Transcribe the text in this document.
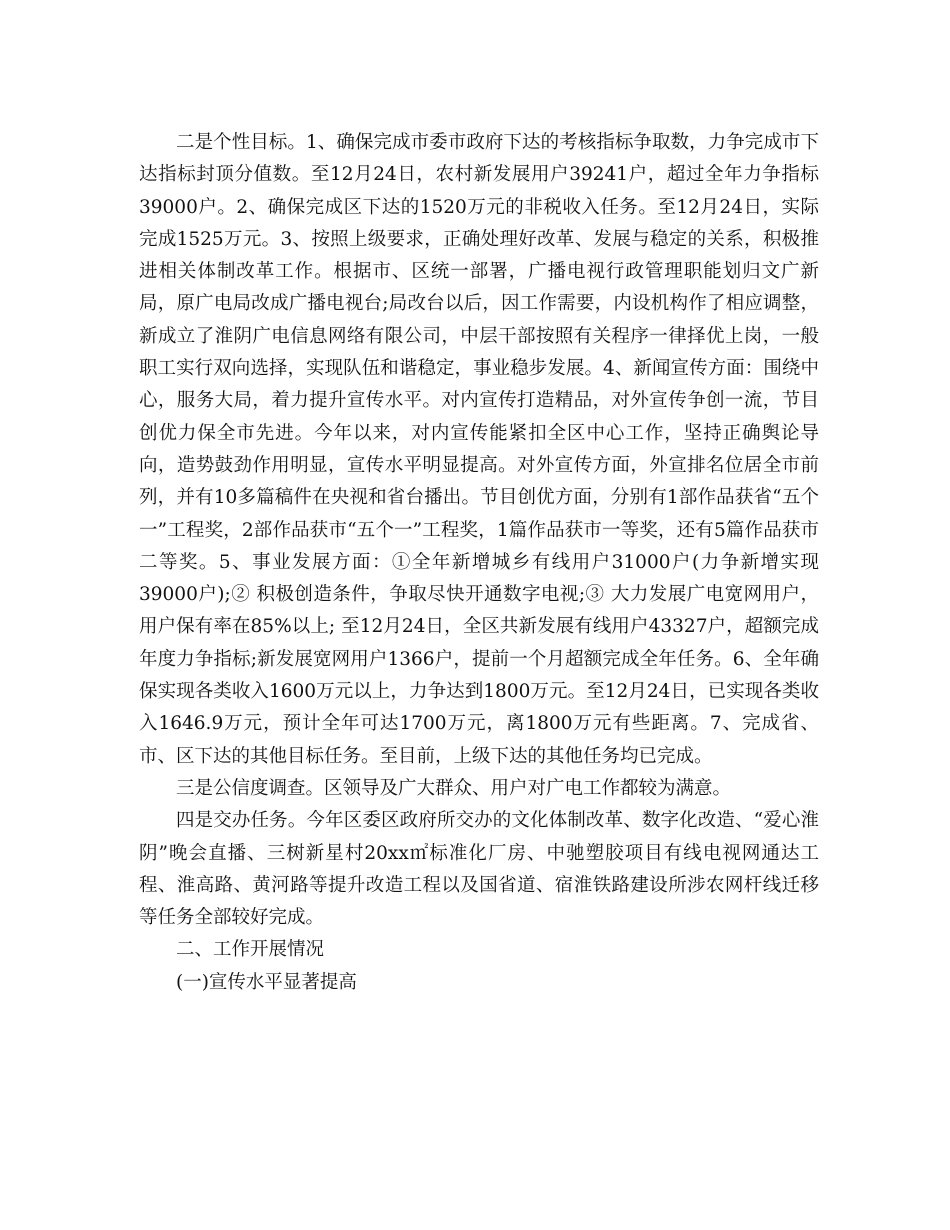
二是个性目标。1、确保完成市委市政府下达的考核指标争取数，力争完成市下达指标封顶分值数。至12月24日，农村新发展用户39241户，超过全年力争指标39000户。2、确保完成区下达的1520万元的非税收入任务。至12月24日，实际完成1525万元。3、按照上级要求，正确处理好改革、发展与稳定的关系，积极推进相关体制改革工作。根据市、区统一部署，广播电视行政管理职能划归文广新局，原广电局改成广播电视台;局改台以后，因工作需要，内设机构作了相应调整，新成立了淮阴广电信息网络有限公司，中层干部按照有关程序一律择优上岗，一般职工实行双向选择，实现队伍和谐稳定，事业稳步发展。4、新闻宣传方面：围绕中心，服务大局，着力提升宣传水平。对内宣传打造精品，对外宣传争创一流，节目创优力保全市先进。今年以来，对内宣传能紧扣全区中心工作，坚持正确舆论导向，造势鼓劲作用明显，宣传水平明显提高。对外宣传方面，外宣排名位居全市前列，并有10多篇稿件在央视和省台播出。节目创优方面，分别有1部作品获省“五个一”工程奖，2部作品获市“五个一”工程奖，1篇作品获市一等奖，还有5篇作品获市二等奖。5、事业发展方面：①全年新增城乡有线用户31000户(力争新增实现39000户);② 积极创造条件，争取尽快开通数字电视;③ 大力发展广电宽网用户，用户保有率在85%以上; 至12月24日，全区共新发展有线用户43327户，超额完成年度力争指标;新发展宽网用户1366户，提前一个月超额完成全年任务。6、全年确保实现各类收入1600万元以上，力争达到1800万元。至12月24日，已实现各类收入1646.9万元，预计全年可达1700万元，离1800万元有些距离。7、完成省、市、区下达的其他目标任务。至目前，上级下达的其他任务均已完成。

三是公信度调查。区领导及广大群众、用户对广电工作都较为满意。

四是交办任务。今年区委区政府所交办的文化体制改革、数字化改造、“爱心淮阴”晚会直播、三树新星村20xx㎡标准化厂房、中驰塑胶项目有线电视网通达工程、淮高路、黄河路等提升改造工程以及国省道、宿淮铁路建设所涉农网杆线迁移等任务全部较好完成。

二、工作开展情况

(一)宣传水平显著提高
